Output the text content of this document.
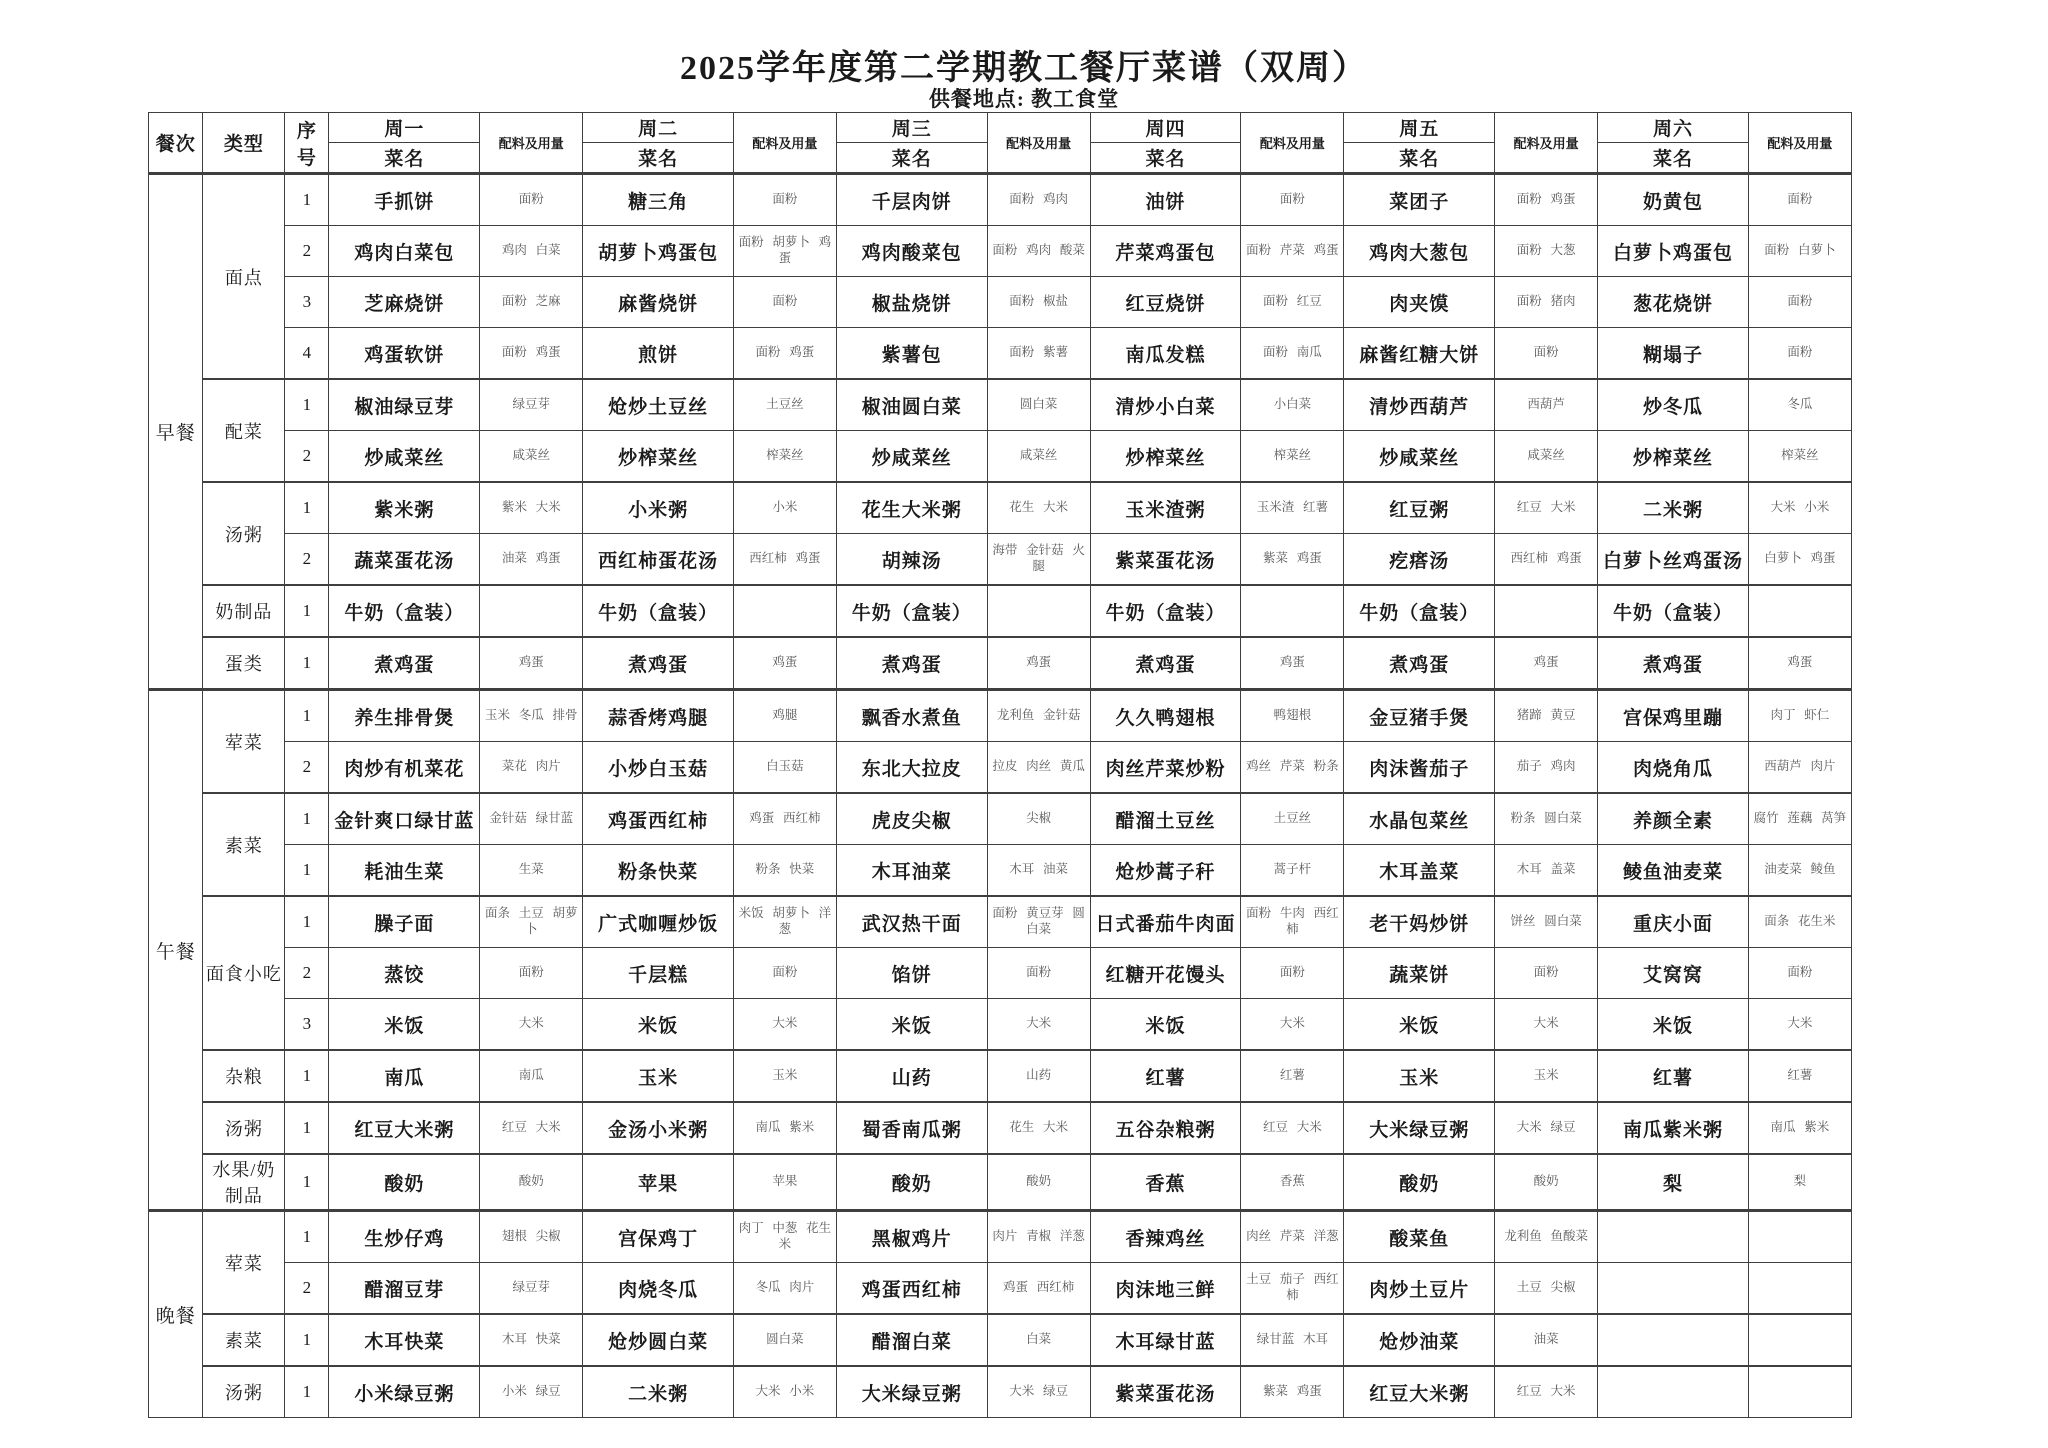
2025学年度第二学期教工餐厅菜谱（双周）
供餐地点: 教工食堂
餐次	类型	序号	周一	配料及用量	周二	配料及用量	周三	配料及用量	周四	配料及用量	周五	配料及用量	周六	配料及用量
			菜名		菜名		菜名		菜名		菜名		菜名	
早餐	面点	1	手抓饼	面粉	糖三角	面粉	千层肉饼	面粉 鸡肉	油饼	面粉	菜团子	面粉 鸡蛋	奶黄包	面粉
		2	鸡肉白菜包	鸡肉 白菜	胡萝卜鸡蛋包	面粉 胡萝卜 鸡蛋	鸡肉酸菜包	面粉 鸡肉 酸菜	芹菜鸡蛋包	面粉 芹菜 鸡蛋	鸡肉大葱包	面粉 大葱	白萝卜鸡蛋包	面粉 白萝卜
		3	芝麻烧饼	面粉 芝麻	麻酱烧饼	面粉	椒盐烧饼	面粉 椒盐	红豆烧饼	面粉 红豆	肉夹馍	面粉 猪肉	葱花烧饼	面粉
		4	鸡蛋软饼	面粉 鸡蛋	煎饼	面粉 鸡蛋	紫薯包	面粉 紫薯	南瓜发糕	面粉 南瓜	麻酱红糖大饼	面粉	糊塌子	面粉
	配菜	1	椒油绿豆芽	绿豆芽	炝炒土豆丝	土豆丝	椒油圆白菜	圆白菜	清炒小白菜	小白菜	清炒西葫芦	西葫芦	炒冬瓜	冬瓜
		2	炒咸菜丝	咸菜丝	炒榨菜丝	榨菜丝	炒咸菜丝	咸菜丝	炒榨菜丝	榨菜丝	炒咸菜丝	咸菜丝	炒榨菜丝	榨菜丝
	汤粥	1	紫米粥	紫米 大米	小米粥	小米	花生大米粥	花生 大米	玉米渣粥	玉米渣 红薯	红豆粥	红豆 大米	二米粥	大米 小米
		2	蔬菜蛋花汤	油菜 鸡蛋	西红柿蛋花汤	西红柿 鸡蛋	胡辣汤	海带 金针菇 火腿	紫菜蛋花汤	紫菜 鸡蛋	疙瘩汤	西红柿 鸡蛋	白萝卜丝鸡蛋汤	白萝卜 鸡蛋
	奶制品	1	牛奶（盒装）		牛奶（盒装）		牛奶（盒装）		牛奶（盒装）		牛奶（盒装）		牛奶（盒装）	
	蛋类	1	煮鸡蛋	鸡蛋	煮鸡蛋	鸡蛋	煮鸡蛋	鸡蛋	煮鸡蛋	鸡蛋	煮鸡蛋	鸡蛋	煮鸡蛋	鸡蛋
午餐	荤菜	1	养生排骨煲	玉米 冬瓜 排骨	蒜香烤鸡腿	鸡腿	飘香水煮鱼	龙利鱼 金针菇	久久鸭翅根	鸭翅根	金豆猪手煲	猪蹄 黄豆	宫保鸡里蹦	肉丁 虾仁
		2	肉炒有机菜花	菜花 肉片	小炒白玉菇	白玉菇	东北大拉皮	拉皮 肉丝 黄瓜	肉丝芹菜炒粉	鸡丝 芹菜 粉条	肉沫酱茄子	茄子 鸡肉	肉烧角瓜	西葫芦 肉片
	素菜	1	金针爽口绿甘蓝	金针菇 绿甘蓝	鸡蛋西红柿	鸡蛋 西红柿	虎皮尖椒	尖椒	醋溜土豆丝	土豆丝	水晶包菜丝	粉条 圆白菜	养颜全素	腐竹 莲藕 莴笋
		1	耗油生菜	生菜	粉条快菜	粉条 快菜	木耳油菜	木耳 油菜	炝炒蒿子秆	蒿子杆	木耳盖菜	木耳 盖菜	鲮鱼油麦菜	油麦菜 鲮鱼
	面食小吃	1	臊子面	面条 土豆 胡萝卜	广式咖喱炒饭	米饭 胡萝卜 洋葱	武汉热干面	面粉 黄豆芽 圆白菜	日式番茄牛肉面	面粉 牛肉 西红柿	老干妈炒饼	饼丝 圆白菜	重庆小面	面条 花生米
		2	蒸饺	面粉	千层糕	面粉	馅饼	面粉	红糖开花馒头	面粉	蔬菜饼	面粉	艾窝窝	面粉
		3	米饭	大米	米饭	大米	米饭	大米	米饭	大米	米饭	大米	米饭	大米
	杂粮	1	南瓜	南瓜	玉米	玉米	山药	山药	红薯	红薯	玉米	玉米	红薯	红薯
	汤粥	1	红豆大米粥	红豆 大米	金汤小米粥	南瓜 紫米	蜀香南瓜粥	花生 大米	五谷杂粮粥	红豆 大米	大米绿豆粥	大米 绿豆	南瓜紫米粥	南瓜 紫米
	水果/奶制品	1	酸奶	酸奶	苹果	苹果	酸奶	酸奶	香蕉	香蕉	酸奶	酸奶	梨	梨
晚餐	荤菜	1	生炒仔鸡	翅根 尖椒	宫保鸡丁	肉丁 中葱 花生米	黑椒鸡片	肉片 青椒 洋葱	香辣鸡丝	肉丝 芹菜 洋葱	酸菜鱼	龙利鱼 鱼酸菜		
		2	醋溜豆芽	绿豆芽	肉烧冬瓜	冬瓜 肉片	鸡蛋西红柿	鸡蛋 西红柿	肉沫地三鲜	土豆 茄子 西红柿	肉炒土豆片	土豆 尖椒		
	素菜	1	木耳快菜	木耳 快菜	炝炒圆白菜	圆白菜	醋溜白菜	白菜	木耳绿甘蓝	绿甘蓝 木耳	炝炒油菜	油菜		
	汤粥	1	小米绿豆粥	小米 绿豆	二米粥	大米 小米	大米绿豆粥	大米 绿豆	紫菜蛋花汤	紫菜 鸡蛋	红豆大米粥	红豆 大米		
